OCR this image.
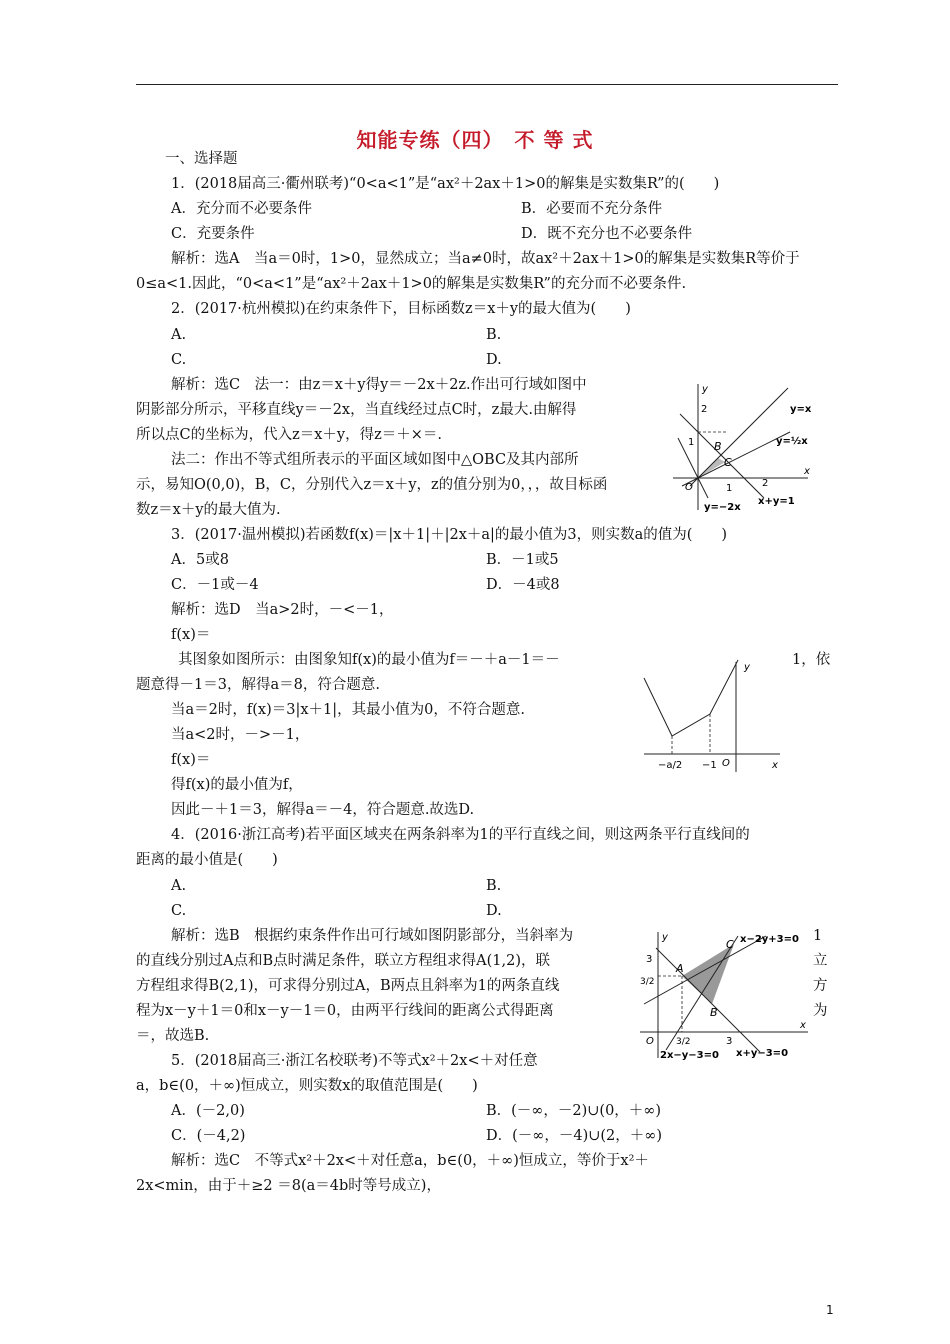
知能专练（四）　不 等 式
一、选择题
1．(2018届高三·衢州联考)“0<a<1”是“ax²＋2ax＋1>0的解集是实数集R”的(　　)
A．充分而不必要条件	B．必要而不充分条件
C．充要条件	D．既不充分也不必要条件
解析：选A　当a＝0时，1>0，显然成立；当a≠0时，故ax²＋2ax＋1>0的解集是实数集R等价于
0≤a<1.因此，“0<a<1”是“ax²＋2ax＋1>0的解集是实数集R”的充分而不必要条件.
2．(2017·杭州模拟)在约束条件下，目标函数z＝x＋y的最大值为(　　)
A.	B.
C.	D.
解析：选C　法一：由z＝x＋y得y＝－2x＋2z.作出可行域如图中
阴影部分所示，平移直线y＝－2x，当直线经过点C时，z最大.由解得
所以点C的坐标为，代入z＝x＋y，得z＝＋×＝.
法二：作出不等式组所表示的平面区域如图中△OBC及其内部所
示，易知O(0,0)，B，C，分别代入z＝x＋y，z的值分别为0，，，故目标函
数z＝x＋y的最大值为.
3．(2017·温州模拟)若函数f(x)＝|x＋1|＋|2x＋a|的最小值为3，则实数a的值为(　　)
A．5或8	B．－1或5
C．－1或－4	D．－4或8
解析：选D　当a>2时，－<－1，
f(x)＝
其图象如图所示：由图象知f(x)的最小值为f＝－＋a－1＝－	1，依
题意得－1＝3，解得a＝8，符合题意.
当a＝2时，f(x)＝3|x＋1|，其最小值为0，不符合题意.
当a<2时，－>－1，
f(x)＝
得f(x)的最小值为f，
因此－＋1＝3，解得a＝－4，符合题意.故选D.
4．(2016·浙江高考)若平面区域夹在两条斜率为1的平行直线之间，则这两条平行直线间的
距离的最小值是(　　)
A.	B.
C.	D.
解析：选B　根据约束条件作出可行域如图阴影部分，当斜率为	1
的直线分别过A点和B点时满足条件，联立方程组求得A(1,2)，联	立
方程组求得B(2,1)，可求得分别过A，B两点且斜率为1的两条直线	方
程为x－y＋1＝0和x－y－1＝0，由两平行线间的距离公式得距离	为
＝，故选B.
5．(2018届高三·浙江名校联考)不等式x²＋2x<＋对任意
a，b∈(0，＋∞)恒成立，则实数x的取值范围是(　　)
A．(－2,0)	B．(－∞，－2)∪(0，＋∞)
C．(－4,2)	D．(－∞，－4)∪(2，＋∞)
解析：选C　不等式x²＋2x<＋对任意a，b∈(0，＋∞)恒成立，等价于x²＋
2x<min，由于＋≥2 ＝8(a＝4b时等号成立)，
y
x
O
2
1
1	2
y=x
y=½x
y=−2x
x+y=1
B
C
y
x
O
−a/2 −1
y
x
O
3
3/2
3/2	3
x−2y+3=0
2x−y−3=0 x+y−3=0
A
B
C
1
